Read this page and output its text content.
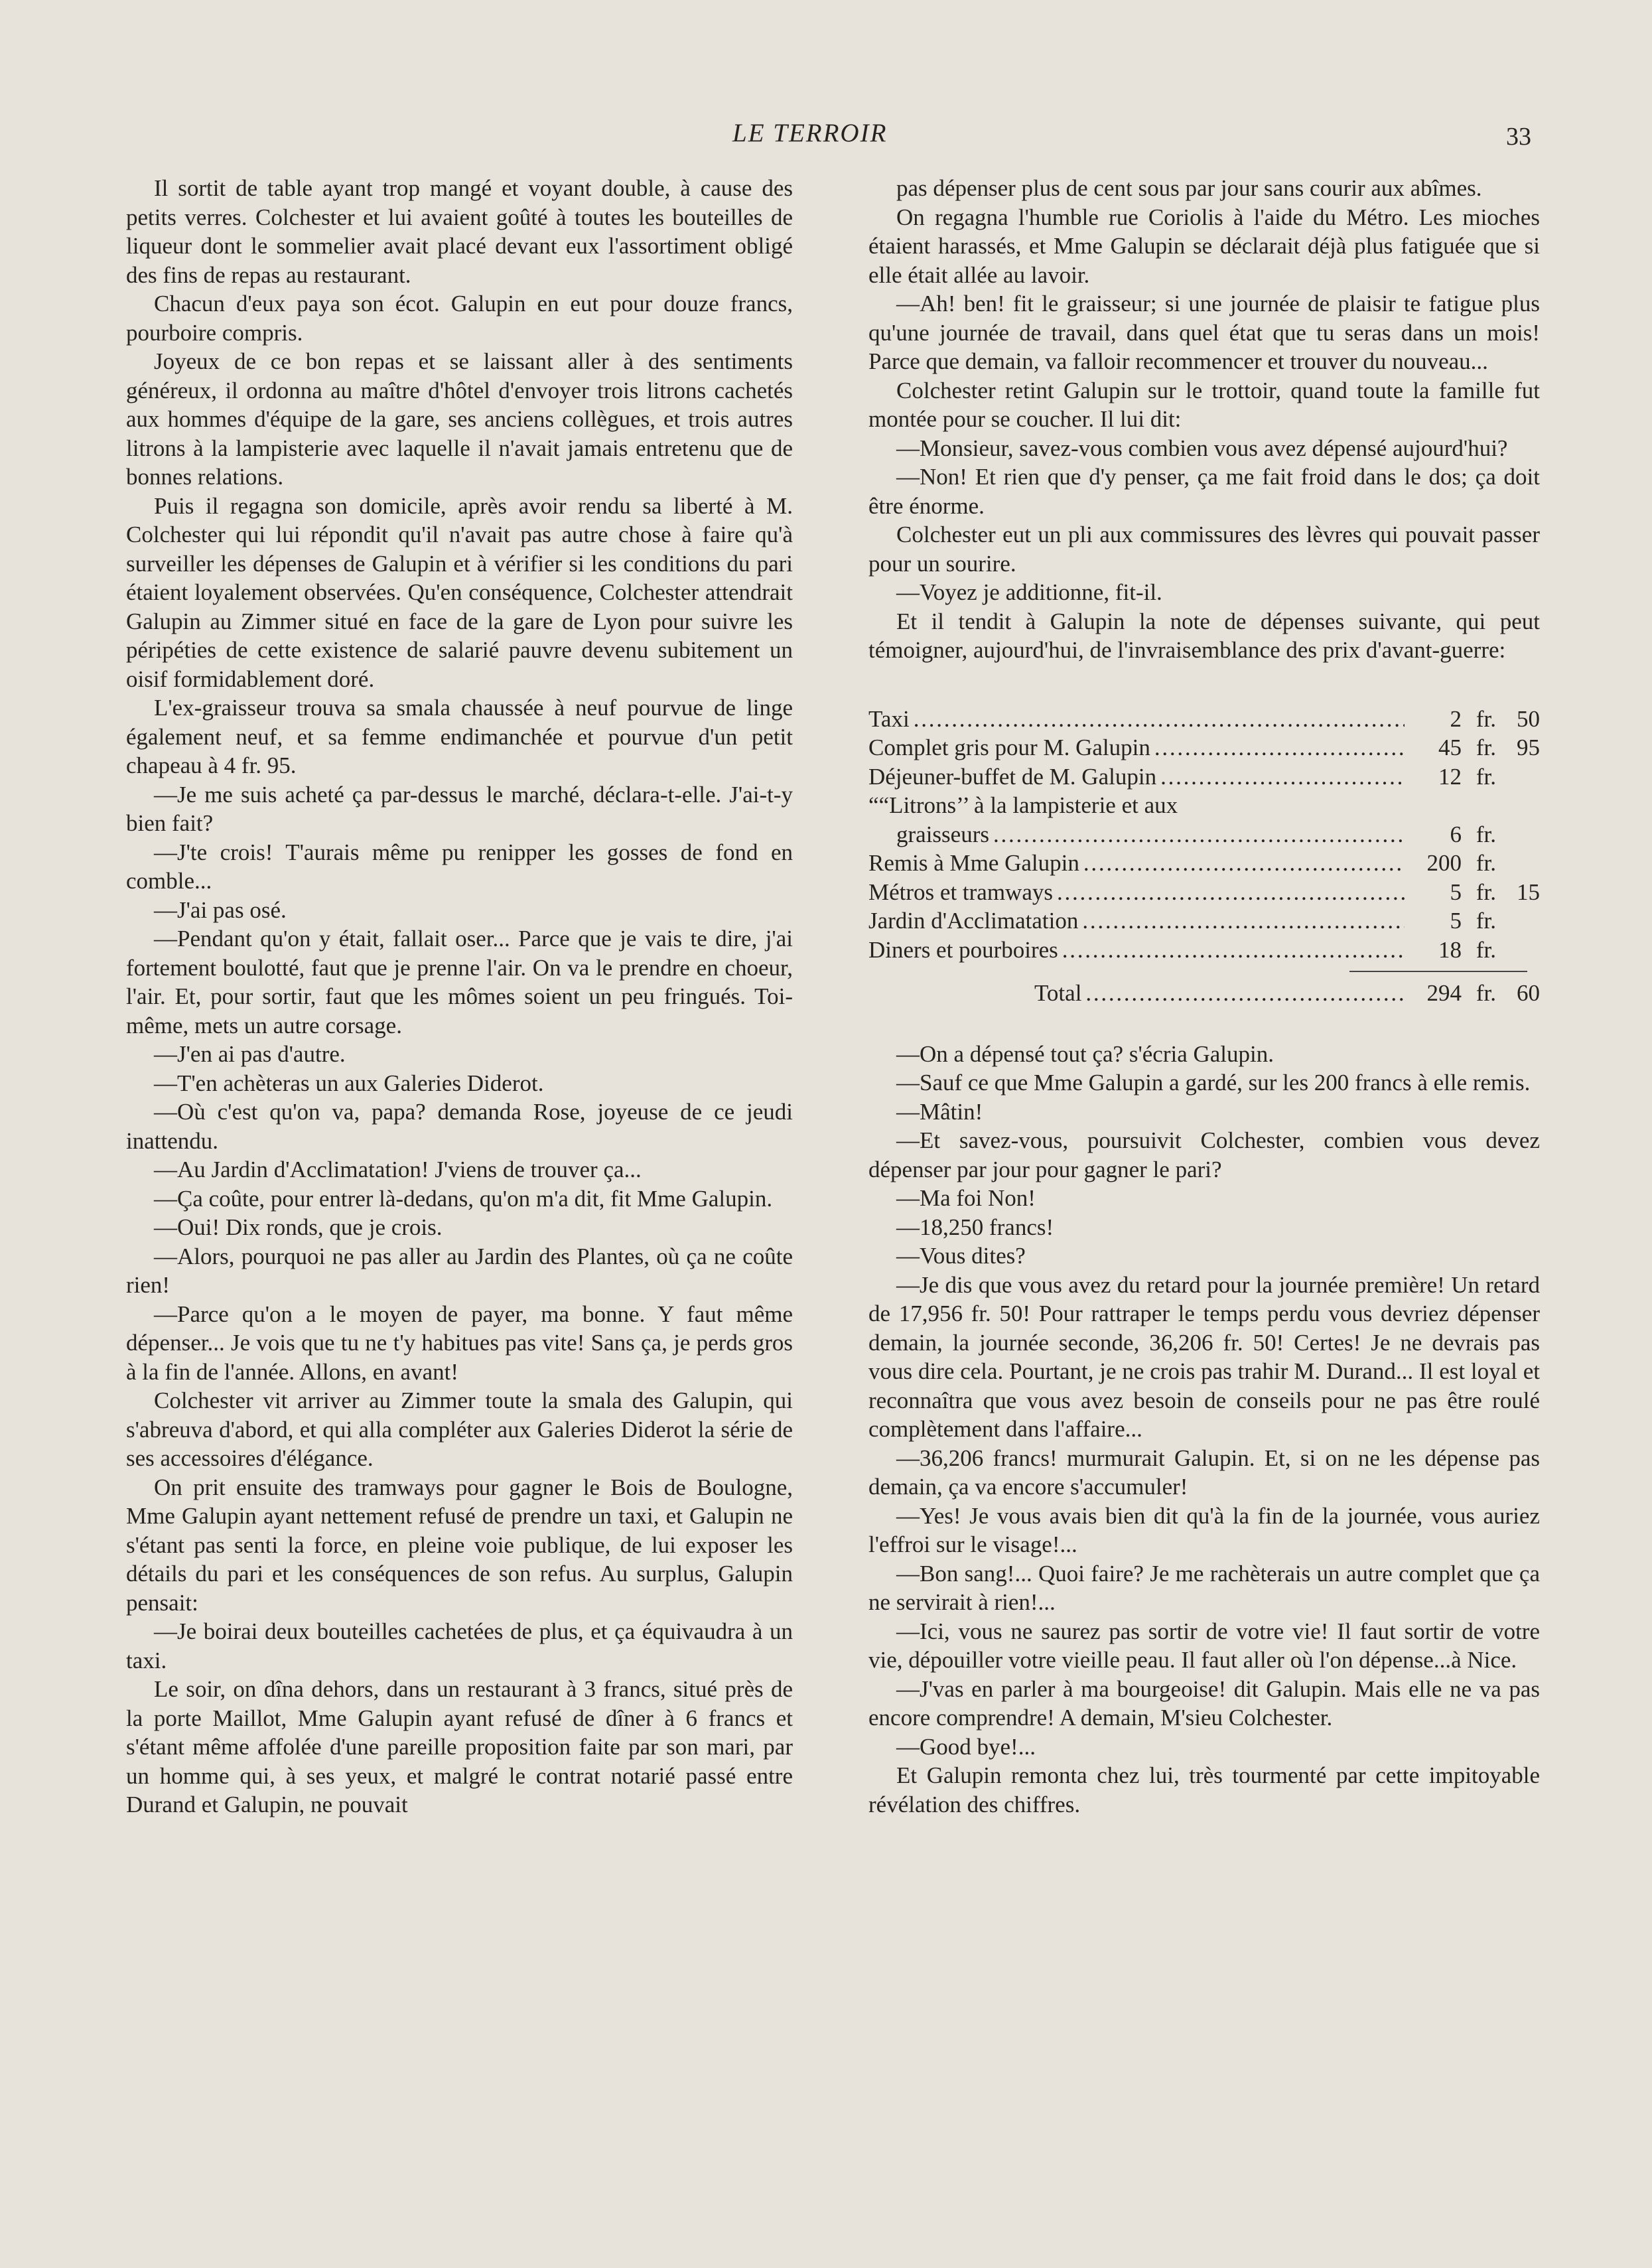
LE TERROIR	33

Il sortit de table ayant trop mangé et voyant double, à cause des petits verres. Colchester et lui avaient goûté à toutes les bouteilles de liqueur dont le sommelier avait placé devant eux l'assortiment obligé des fins de repas au restaurant.

Chacun d'eux paya son écot. Galupin en eut pour douze francs, pourboire compris.

Joyeux de ce bon repas et se laissant aller à des sentiments généreux, il ordonna au maître d'hôtel d'envoyer trois litrons cachetés aux hommes d'équipe de la gare, ses anciens collègues, et trois autres litrons à la lampisterie avec laquelle il n'avait jamais entretenu que de bonnes relations.

Puis il regagna son domicile, après avoir rendu sa liberté à M. Colchester qui lui répondit qu'il n'avait pas autre chose à faire qu'à surveiller les dépenses de Galupin et à vérifier si les conditions du pari étaient loyalement observées. Qu'en conséquence, Colchester attendrait Galupin au Zimmer situé en face de la gare de Lyon pour suivre les péripéties de cette existence de salarié pauvre devenu subitement un oisif formidablement doré.

L'ex-graisseur trouva sa smala chaussée à neuf pourvue de linge également neuf, et sa femme endimanchée et pourvue d'un petit chapeau à 4 fr. 95.

—Je me suis acheté ça par-dessus le marché, déclara-t-elle. J'ai-t-y bien fait?

—J'te crois! T'aurais même pu renipper les gosses de fond en comble...

—J'ai pas osé.

—Pendant qu'on y était, fallait oser... Parce que je vais te dire, j'ai fortement boulotté, faut que je prenne l'air. On va le prendre en choeur, l'air. Et, pour sortir, faut que les mômes soient un peu fringués. Toi-même, mets un autre corsage.

—J'en ai pas d'autre.

—T'en achèteras un aux Galeries Diderot.

—Où c'est qu'on va, papa? demanda Rose, joyeuse de ce jeudi inattendu.

—Au Jardin d'Acclimatation! J'viens de trouver ça...

—Ça coûte, pour entrer là-dedans, qu'on m'a dit, fit Mme Galupin.

—Oui! Dix ronds, que je crois.

—Alors, pourquoi ne pas aller au Jardin des Plantes, où ça ne coûte rien!

—Parce qu'on a le moyen de payer, ma bonne. Y faut même dépenser... Je vois que tu ne t'y habitues pas vite! Sans ça, je perds gros à la fin de l'année. Allons, en avant!

Colchester vit arriver au Zimmer toute la smala des Galupin, qui s'abreuva d'abord, et qui alla compléter aux Galeries Diderot la série de ses accessoires d'élégance.

On prit ensuite des tramways pour gagner le Bois de Boulogne, Mme Galupin ayant nettement refusé de prendre un taxi, et Galupin ne s'étant pas senti la force, en pleine voie publique, de lui exposer les détails du pari et les conséquences de son refus. Au surplus, Galupin pensait:

—Je boirai deux bouteilles cachetées de plus, et ça équivaudra à un taxi.

Le soir, on dîna dehors, dans un restaurant à 3 francs, situé près de la porte Maillot, Mme Galupin ayant refusé de dîner à 6 francs et s'étant même affolée d'une pareille proposition faite par son mari, par un homme qui, à ses yeux, et malgré le contrat notarié passé entre Durand et Galupin, ne pouvait

pas dépenser plus de cent sous par jour sans courir aux abîmes.

On regagna l'humble rue Coriolis à l'aide du Métro. Les mioches étaient harassés, et Mme Galupin se déclarait déjà plus fatiguée que si elle était allée au lavoir.

—Ah! ben! fit le graisseur; si une journée de plaisir te fatigue plus qu'une journée de travail, dans quel état que tu seras dans un mois! Parce que demain, va falloir recommencer et trouver du nouveau...

Colchester retint Galupin sur le trottoir, quand toute la famille fut montée pour se coucher. Il lui dit:

—Monsieur, savez-vous combien vous avez dépensé aujourd'hui?

—Non! Et rien que d'y penser, ça me fait froid dans le dos; ça doit être énorme.

Colchester eut un pli aux commissures des lèvres qui pouvait passer pour un sourire.

—Voyez je additionne, fit-il.

Et il tendit à Galupin la note de dépenses suivante, qui peut témoigner, aujourd'hui, de l'invraisemblance des prix d'avant-guerre:

Taxi . . .	2 fr. 50
Complet gris pour M. Galupin . . .	45 fr. 95
Déjeuner-buffet de M. Galupin . . .	12 fr.
““Litrons’’ à la lampisterie et aux
graisseurs . . .	6 fr.
Remis à Mme Galupin . . .	200 fr.
Métros et tramways . . .	5 fr. 15
Jardin d'Acclimatation . . .	5 fr.
Diners et pourboires . . .	18 fr.
Total . . .	294 fr. 60

—On a dépensé tout ça? s'écria Galupin.

—Sauf ce que Mme Galupin a gardé, sur les 200 francs à elle remis.

—Mâtin!

—Et savez-vous, poursuivit Colchester, combien vous devez dépenser par jour pour gagner le pari?

—Ma foi Non!

—18,250 francs!

—Vous dites?

—Je dis que vous avez du retard pour la journée première! Un retard de 17,956 fr. 50! Pour rattraper le temps perdu vous devriez dépenser demain, la journée seconde, 36,206 fr. 50! Certes! Je ne devrais pas vous dire cela. Pourtant, je ne crois pas trahir M. Durand... Il est loyal et reconnaîtra que vous avez besoin de conseils pour ne pas être roulé complètement dans l'affaire...

—36,206 francs! murmurait Galupin. Et, si on ne les dépense pas demain, ça va encore s'accumuler!

—Yes! Je vous avais bien dit qu'à la fin de la journée, vous auriez l'effroi sur le visage!...

—Bon sang!... Quoi faire? Je me rachèterais un autre complet que ça ne servirait à rien!...

—Ici, vous ne saurez pas sortir de votre vie! Il faut sortir de votre vie, dépouiller votre vieille peau. Il faut aller où l'on dépense...à Nice.

—J'vas en parler à ma bourgeoise! dit Galupin. Mais elle ne va pas encore comprendre! A demain, M'sieu Colchester.

—Good bye!...

Et Galupin remonta chez lui, très tourmenté par cette impitoyable révélation des chiffres.
